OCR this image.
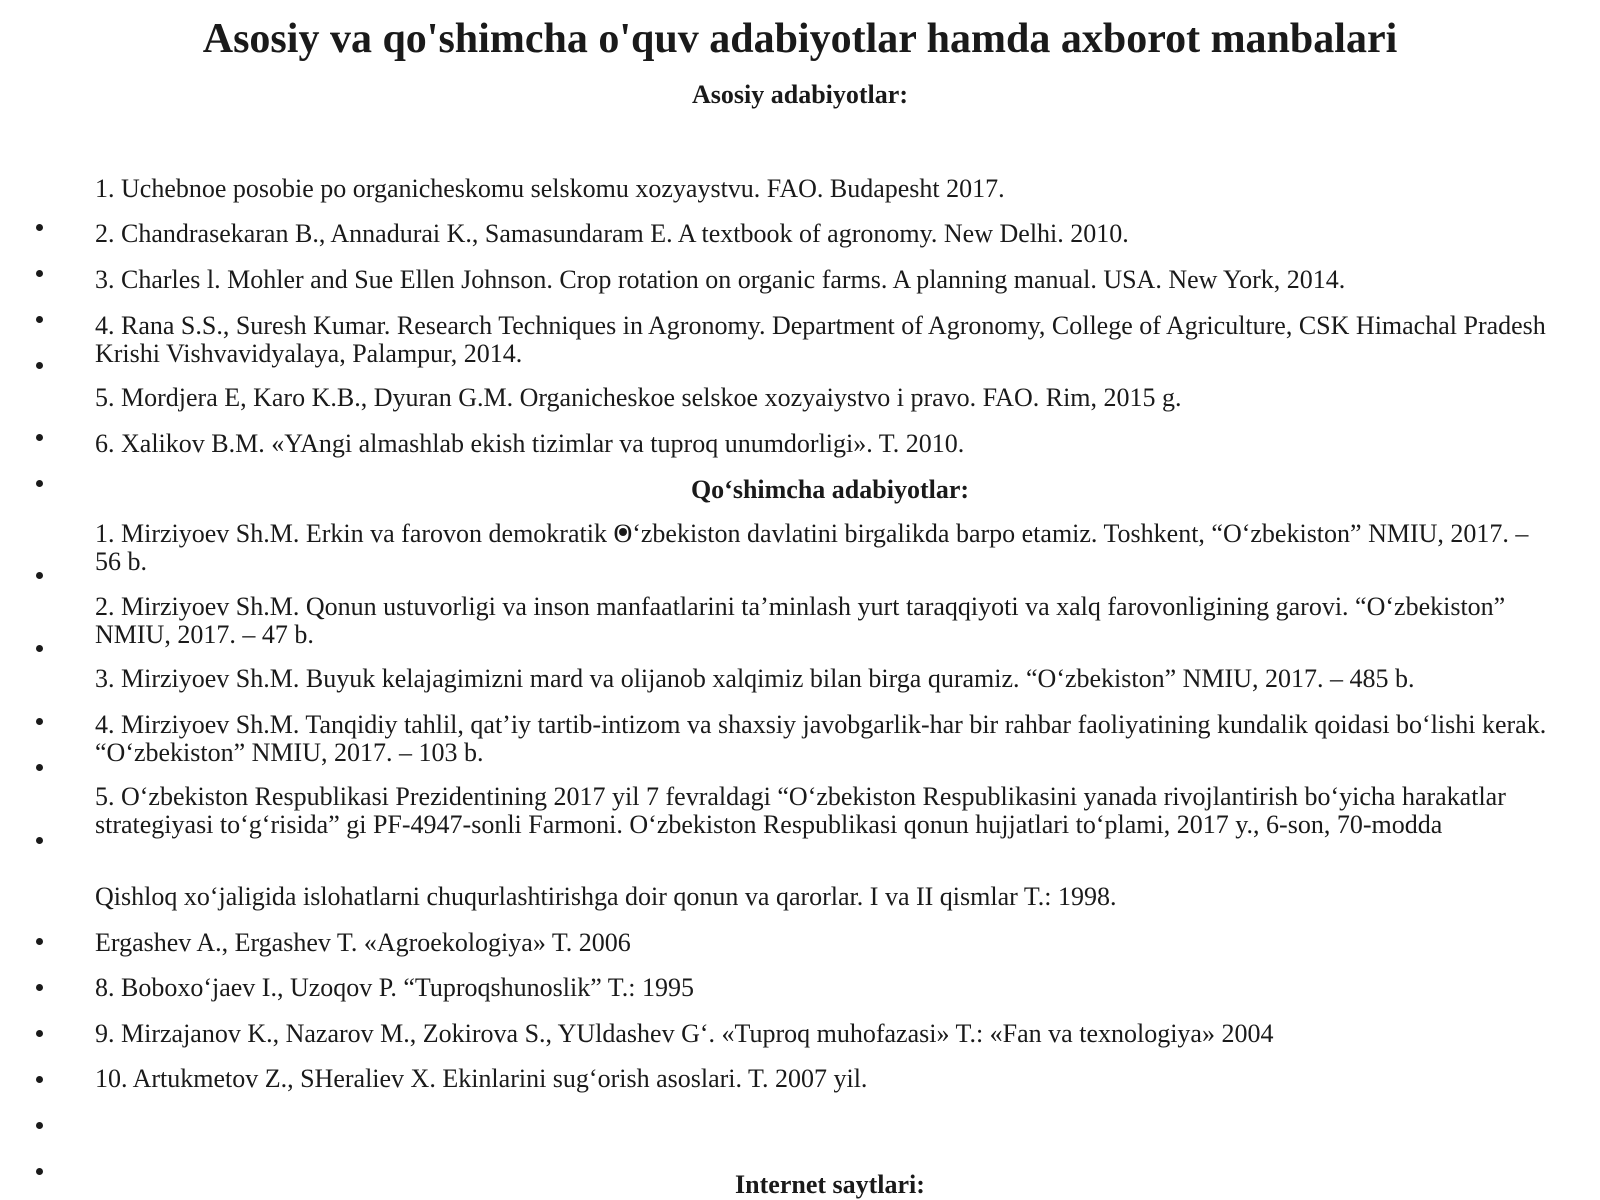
Asosiy va qo'shimcha o'quv adabiyotlar hamda axborot manbalari
Asosiy adabiyotlar:
1. Uchebnoe posobie po organicheskomu selskomu xozyaystvu. FAO. Budapesht 2017.
2. Chandrasekaran B., Annadurai K., Samasundaram E. A textbook of agronomy. New Delhi. 2010.
3. Charles l. Mohler and Sue Ellen Johnson. Crop rotation on organic farms. A planning manual. USA. New York, 2014.
4. Rana S.S., Suresh Kumar. Research Techniques in Agronomy. Department of Agronomy, College of Agriculture, CSK Himachal Pradesh Krishi Vishvavidyalaya, Palampur, 2014.
5. Mordjera E, Karo K.B., Dyuran G.M. Organicheskoe selskoe xozyaiystvo i pravo. FAO. Rim, 2015 g.
6. Xalikov B.M. «YAngi almashlab ekish tizimlar va tuproq unumdorligi». T. 2010.
Qo‘shimcha adabiyotlar:
1. Mirziyoev Sh.M. Erkin va farovon demokratik O‘zbekiston davlatini birgalikda barpo etamiz. Toshkent, “O‘zbekiston” NMIU, 2017. – 56 b.
2. Mirziyoev Sh.M. Qonun ustuvorligi va inson manfaatlarini ta’minlash yurt taraqqiyoti va xalq farovonligining garovi. “O‘zbekiston” NMIU, 2017. – 47 b.
3. Mirziyoev Sh.M. Buyuk kelajagimizni mard va olijanob xalqimiz bilan birga quramiz. “O‘zbekiston” NMIU, 2017. – 485 b.
4. Mirziyoev Sh.M. Tanqidiy tahlil, qat’iy tartib-intizom va shaxsiy javobgarlik-har bir rahbar faoliyatining kundalik qoidasi bo‘lishi kerak. “O‘zbekiston” NMIU, 2017. – 103 b.
5. O‘zbekiston Respublikasi Prezidentining 2017 yil 7 fevraldagi “O‘zbekiston Respublikasini yanada rivojlantirish bo‘yicha harakatlar strategiyasi to‘g‘risida” gi PF-4947-sonli Farmoni. O‘zbekiston Respublikasi qonun hujjatlari to‘plami, 2017 y., 6-son, 70-modda
Qishloq xo‘jaligida islohatlarni chuqurlashtirishga doir qonun va qarorlar. I va II qismlar T.: 1998.
Ergashev A., Ergashev T. «Agroekologiya» T. 2006
8. Boboxo‘jaev I., Uzoqov P. “Tuproqshunoslik” T.: 1995
9. Mirzajanov K., Nazarov M., Zokirova S., YUldashev G‘. «Tuproq muhofazasi» T.: «Fan va texnologiya» 2004
10. Artukmetov Z., SHeraliev X. Ekinlarini sug‘orish asoslari. T. 2007 yil.
Internet saytlari:
